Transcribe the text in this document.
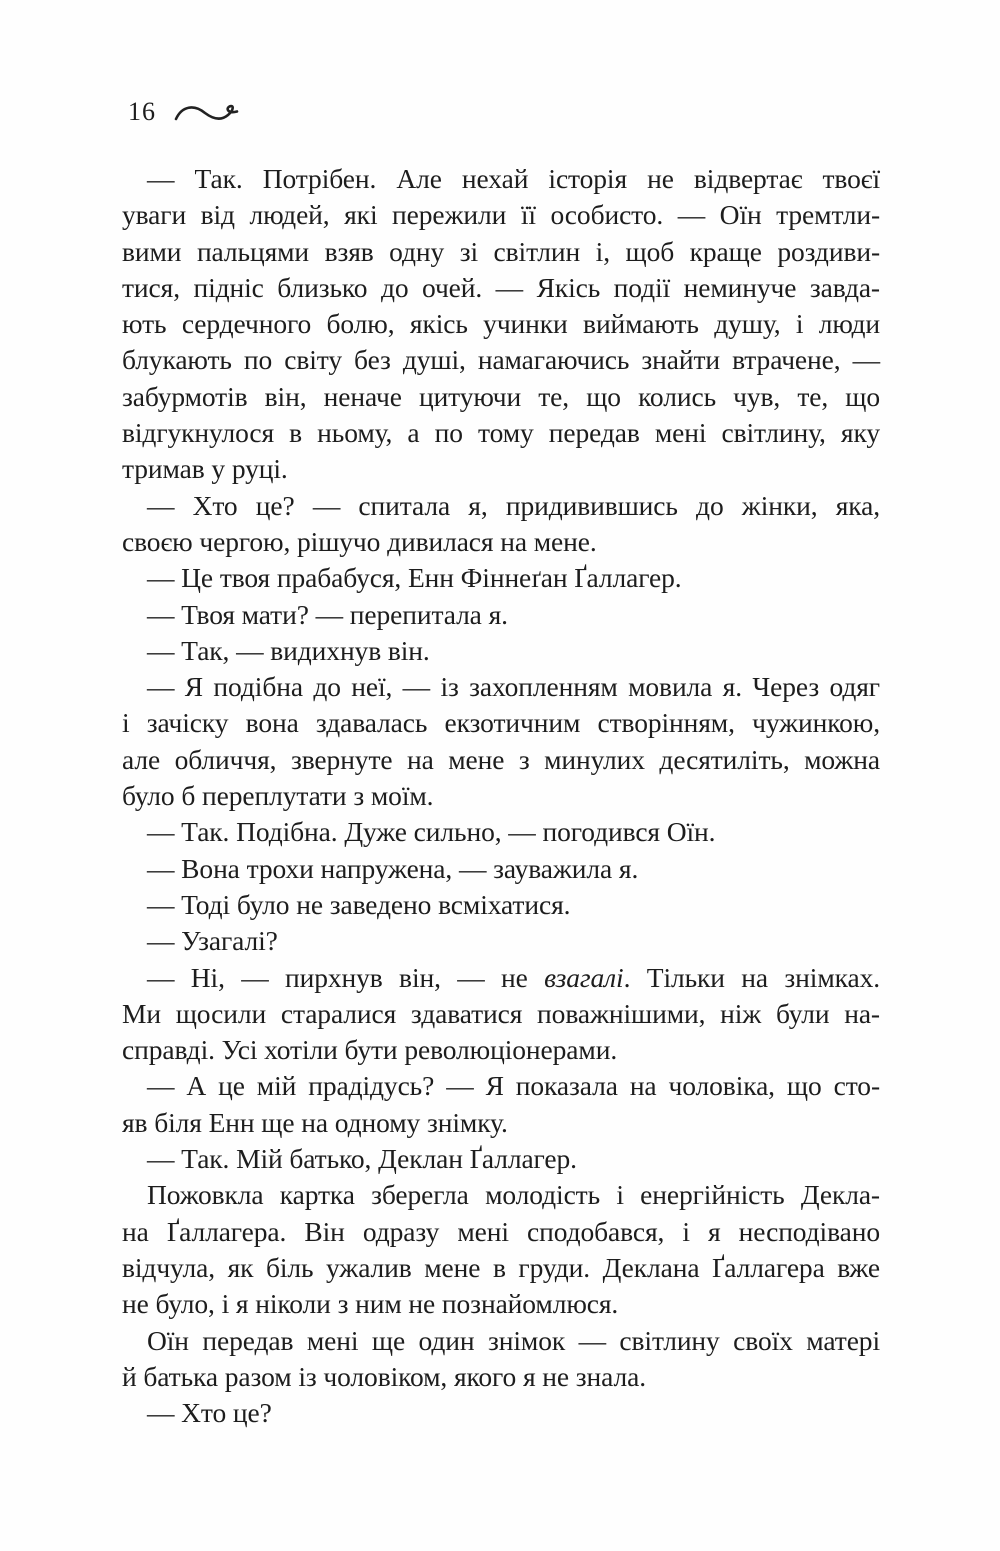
16

— Так. Потрібен. Але нехай історія не відвертає твоєї
уваги від людей, які пережили її особисто. — Оїн тремтли-
вими пальцями взяв одну зі світлин і, щоб краще роздиви-
тися, підніс близько до очей. — Якісь події неминуче завда-
ють сердечного болю, якісь учинки виймають душу, і люди
блукають по світу без душі, намагаючись знайти втрачене, —
забурмотів він, неначе цитуючи те, що колись чув, те, що
відгукнулося в ньому, а по тому передав мені світлину, яку
тримав у руці.

— Хто це? — спитала я, придивившись до жінки, яка,
своєю чергою, рішучо дивилася на мене.

— Це твоя прабабуся, Енн Фіннеґан Ґаллагер.

— Твоя мати? — перепитала я.

— Так, — видихнув він.

— Я подібна до неї, — із захопленням мовила я. Через одяг
і зачіску вона здавалась екзотичним створінням, чужинкою,
але обличчя, звернуте на мене з минулих десятиліть, можна
було б переплутати з моїм.

— Так. Подібна. Дуже сильно, — погодився Оїн.

— Вона трохи напружена, — зауважила я.

— Тоді було не заведено всміхатися.

— Узагалі?

— Ні, — пирхнув він, — не взагалі. Тільки на знімках.
Ми щосили старалися здаватися поважнішими, ніж були на-
справді. Усі хотіли бути революціонерами.

— А це мій прадідусь? — Я показала на чоловіка, що сто-
яв біля Енн ще на одному знімку.

— Так. Мій батько, Деклан Ґаллагер.

Пожовкла картка зберегла молодість і енергійність Декла-
на Ґаллагера. Він одразу мені сподобався, і я несподівано
відчула, як біль ужалив мене в груди. Деклана Ґаллагера вже
не було, і я ніколи з ним не познайомлюся.

Оїн передав мені ще один знімок — світлину своїх матері
й батька разом із чоловіком, якого я не знала.

— Хто це?
